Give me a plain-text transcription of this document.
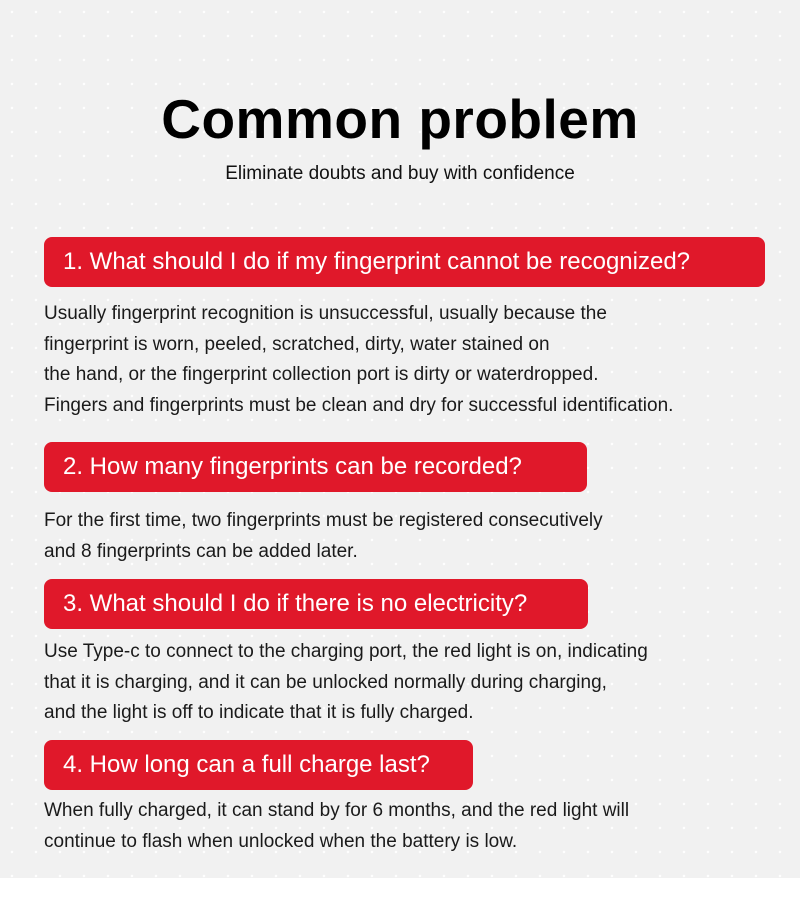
Common problem
Eliminate doubts and buy with confidence
1. What should I do if my fingerprint cannot be recognized?
Usually fingerprint recognition is unsuccessful, usually because the
fingerprint is worn, peeled, scratched, dirty, water stained on
the hand, or the fingerprint collection port is dirty or waterdropped.
Fingers and fingerprints must be clean and dry for successful identification.
2. How many fingerprints can be recorded?
For the first time, two fingerprints must be registered consecutively
and 8 fingerprints can be added later.
3. What should I do if there is no electricity?
Use Type-c to connect to the charging port, the red light is on, indicating
that it is charging, and it can be unlocked normally during charging,
and the light is off to indicate that it is fully charged.
4. How long can a full charge last?
When fully charged, it can stand by for 6 months, and the red light will
continue to flash when unlocked when the battery is low.
